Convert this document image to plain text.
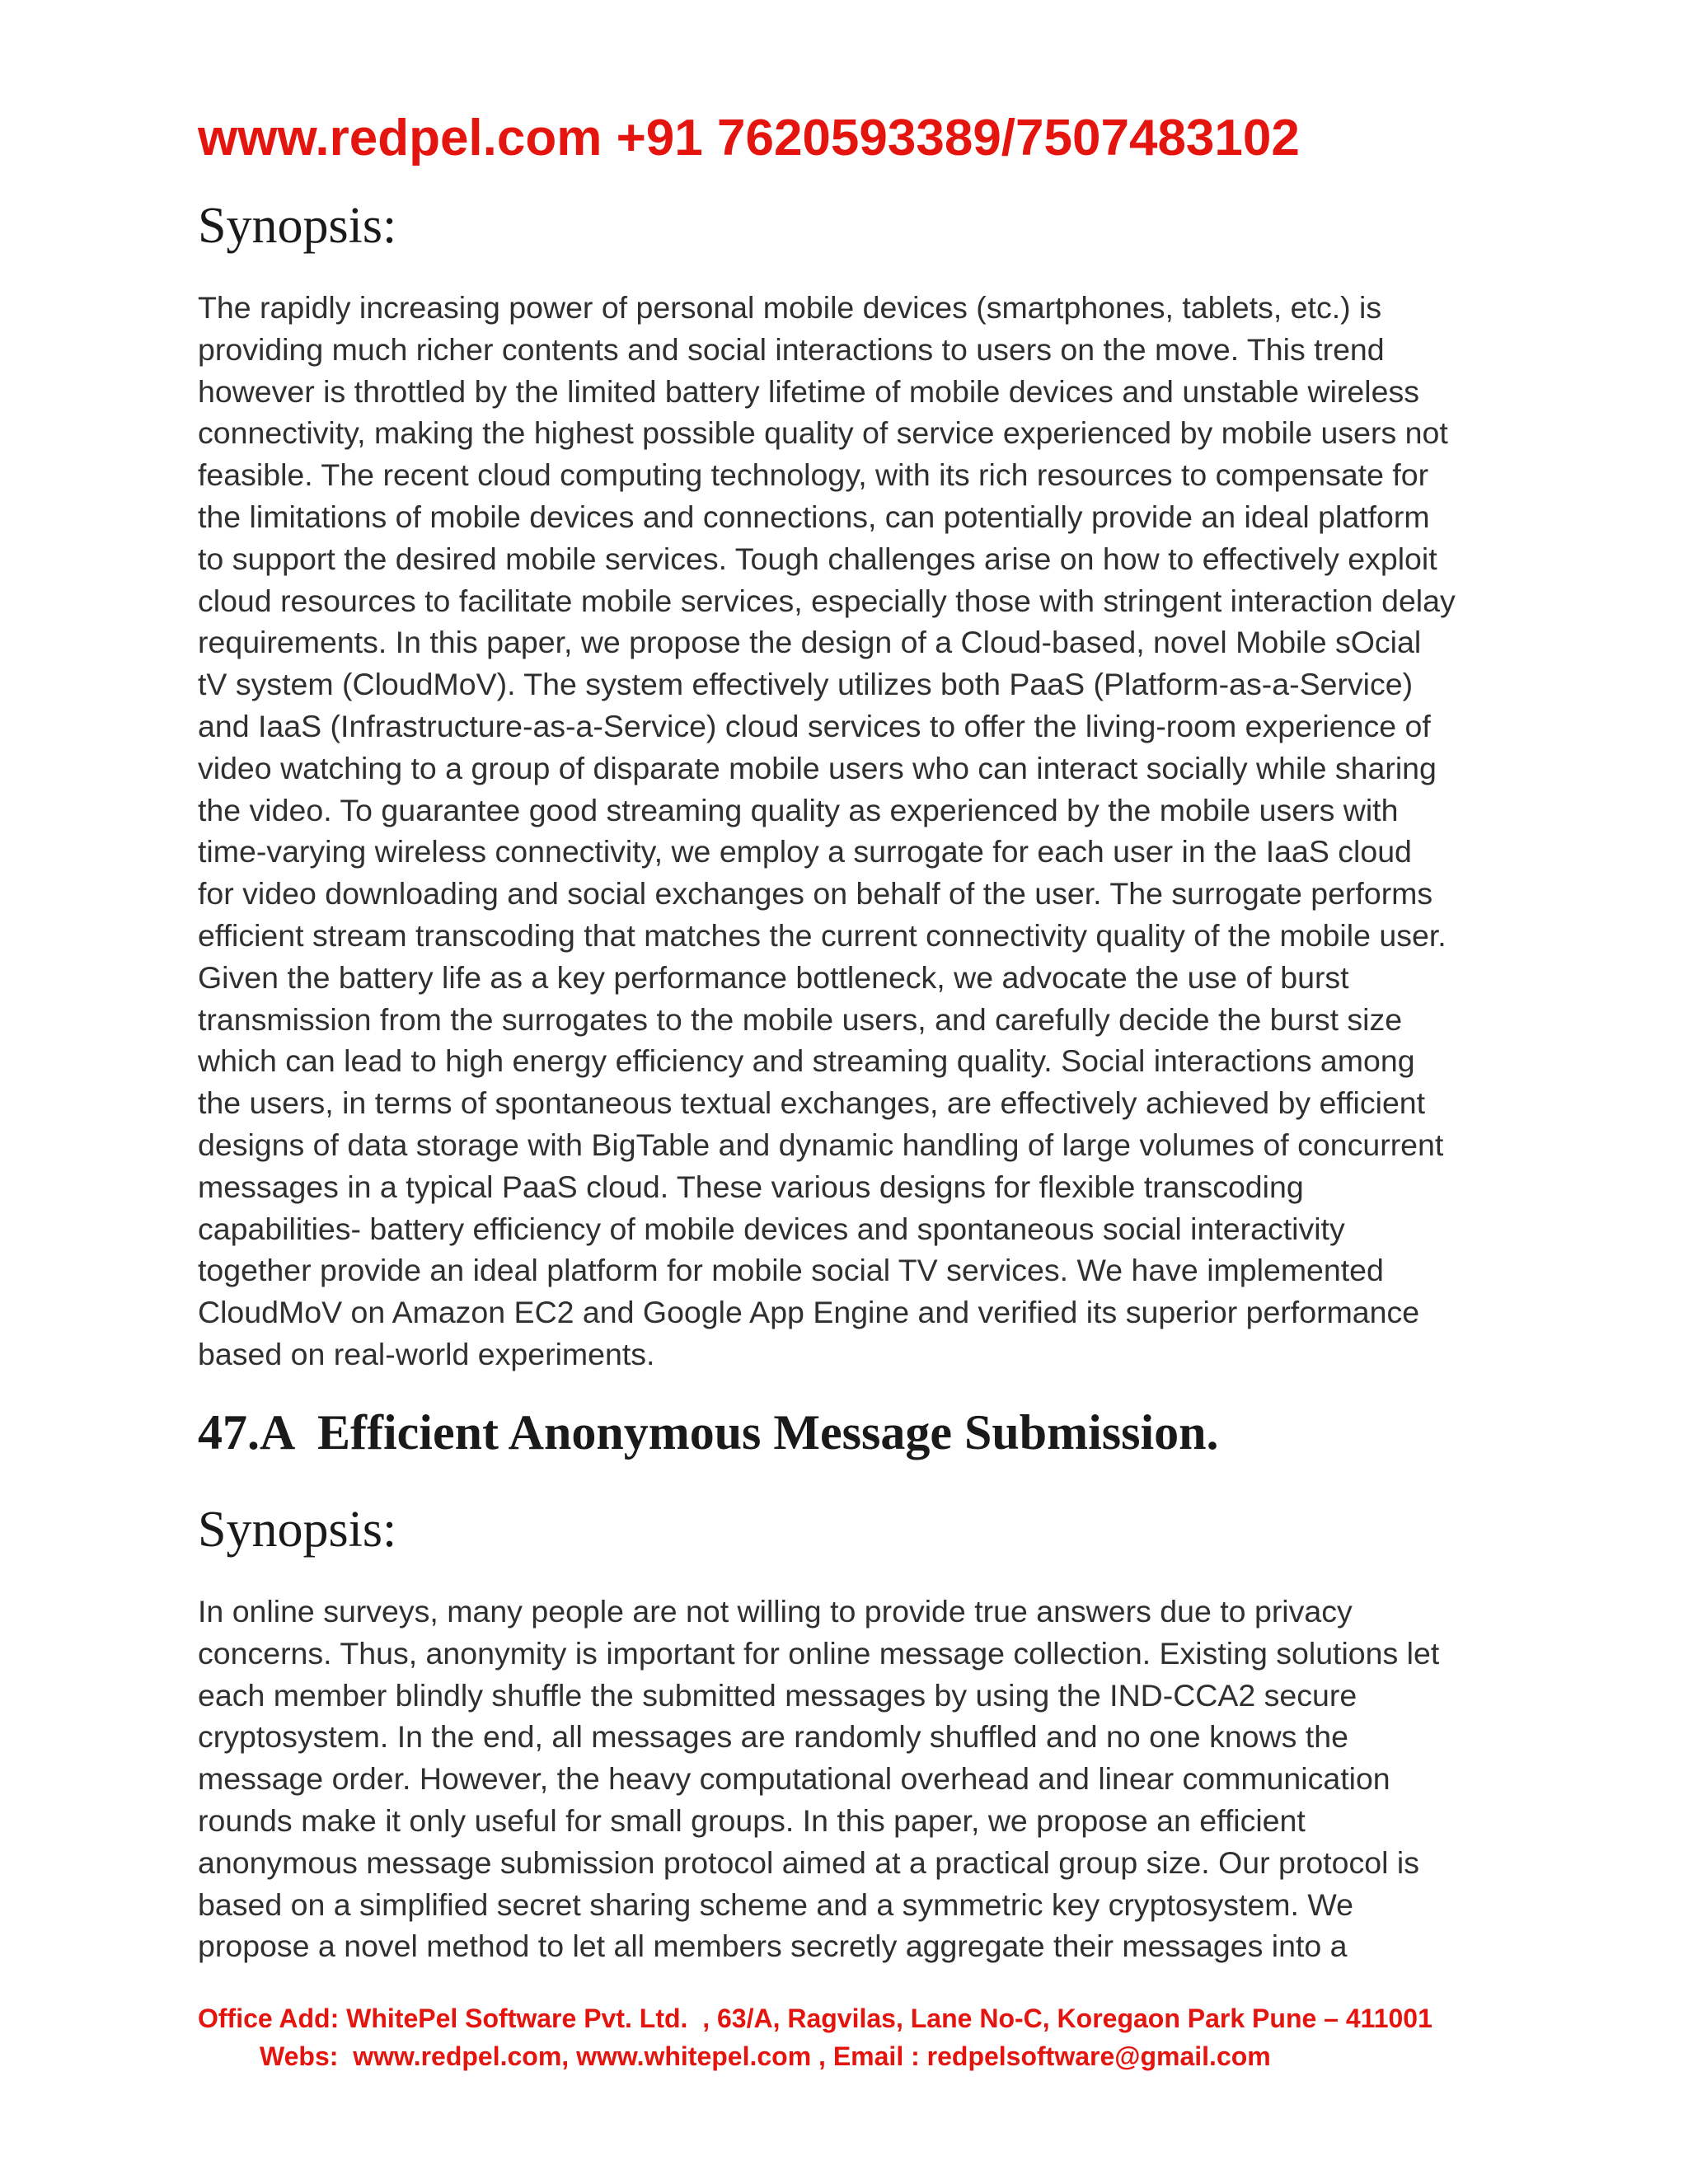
www.redpel.com +91 7620593389/7507483102
Synopsis:
The rapidly increasing power of personal mobile devices (smartphones, tablets, etc.) is
providing much richer contents and social interactions to users on the move. This trend
however is throttled by the limited battery lifetime of mobile devices and unstable wireless
connectivity, making the highest possible quality of service experienced by mobile users not
feasible. The recent cloud computing technology, with its rich resources to compensate for
the limitations of mobile devices and connections, can potentially provide an ideal platform
to support the desired mobile services. Tough challenges arise on how to effectively exploit
cloud resources to facilitate mobile services, especially those with stringent interaction delay
requirements. In this paper, we propose the design of a Cloud-based, novel Mobile sOcial
tV system (CloudMoV). The system effectively utilizes both PaaS (Platform-as-a-Service)
and IaaS (Infrastructure-as-a-Service) cloud services to offer the living-room experience of
video watching to a group of disparate mobile users who can interact socially while sharing
the video. To guarantee good streaming quality as experienced by the mobile users with
time-varying wireless connectivity, we employ a surrogate for each user in the IaaS cloud
for video downloading and social exchanges on behalf of the user. The surrogate performs
efficient stream transcoding that matches the current connectivity quality of the mobile user.
Given the battery life as a key performance bottleneck, we advocate the use of burst
transmission from the surrogates to the mobile users, and carefully decide the burst size
which can lead to high energy efficiency and streaming quality. Social interactions among
the users, in terms of spontaneous textual exchanges, are effectively achieved by efficient
designs of data storage with BigTable and dynamic handling of large volumes of concurrent
messages in a typical PaaS cloud. These various designs for flexible transcoding
capabilities- battery efficiency of mobile devices and spontaneous social interactivity
together provide an ideal platform for mobile social TV services. We have implemented
CloudMoV on Amazon EC2 and Google App Engine and verified its superior performance
based on real-world experiments.
47.A  Efficient Anonymous Message Submission.
Synopsis:
In online surveys, many people are not willing to provide true answers due to privacy
concerns. Thus, anonymity is important for online message collection. Existing solutions let
each member blindly shuffle the submitted messages by using the IND-CCA2 secure
cryptosystem. In the end, all messages are randomly shuffled and no one knows the
message order. However, the heavy computational overhead and linear communication
rounds make it only useful for small groups. In this paper, we propose an efficient
anonymous message submission protocol aimed at a practical group size. Our protocol is
based on a simplified secret sharing scheme and a symmetric key cryptosystem. We
propose a novel method to let all members secretly aggregate their messages into a
Office Add: WhitePel Software Pvt. Ltd.  , 63/A, Ragvilas, Lane No-C, Koregaon Park Pune – 411001
Webs:  www.redpel.com, www.whitepel.com , Email : redpelsoftware@gmail.com
